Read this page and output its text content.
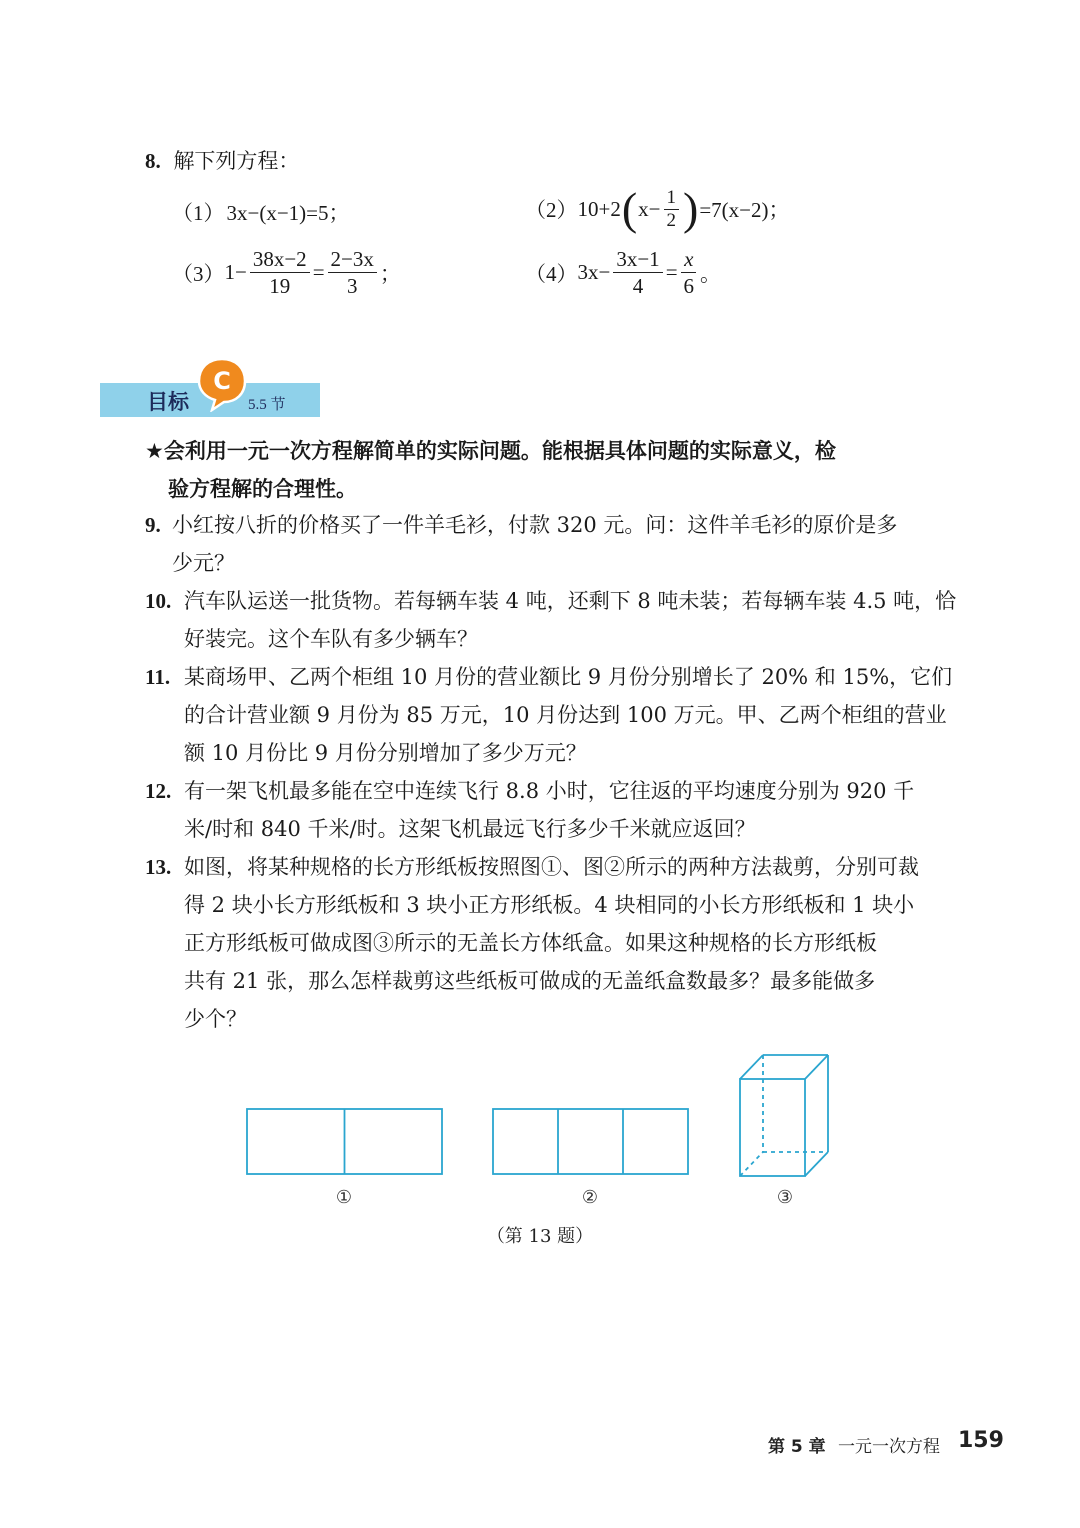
8. 解下列方程：
（1） 3x−(x−1)=5；	（2） 10+2 ( $x- \frac{1}{2}$ ) =7(x−2)；
（3） $1- \frac{38x-2}{19} = \frac{2-3x}{3}$ ；	（4） $3x- \frac{3x-1}{4} = \frac{x}{6}$ 。
C
目标	5.5 节
★会利用一元一次方程解简单的实际问题。能根据具体问题的实际意义，检
验方程解的合理性。
9. 小红按八折的价格买了一件羊毛衫，付款 320 元。问：这件羊毛衫的原价是多
少元？
10. 汽车队运送一批货物。若每辆车装 4 吨，还剩下 8 吨未装；若每辆车装 4.5 吨，恰
好装完。这个车队有多少辆车？
11. 某商场甲、乙两个柜组 10 月份的营业额比 9 月份分别增长了 20% 和 15%，它们
的合计营业额 9 月份为 85 万元，10 月份达到 100 万元。甲、乙两个柜组的营业
额 10 月份比 9 月份分别增加了多少万元？
12. 有一架飞机最多能在空中连续飞行 8.8 小时，它往返的平均速度分别为 920 千
米/时和 840 千米/时。这架飞机最远飞行多少千米就应返回？
13. 如图，将某种规格的长方形纸板按照图①、图②所示的两种方法裁剪，分别可裁
得 2 块小长方形纸板和 3 块小正方形纸板。4 块相同的小长方形纸板和 1 块小
正方形纸板可做成图③所示的无盖长方体纸盒。如果这种规格的长方形纸板
共有 21 张，那么怎样裁剪这些纸板可做成的无盖纸盒数最多？最多能做多
少个？
①	②	③
（第 13 题）
第 5 章 一元一次方程 159
